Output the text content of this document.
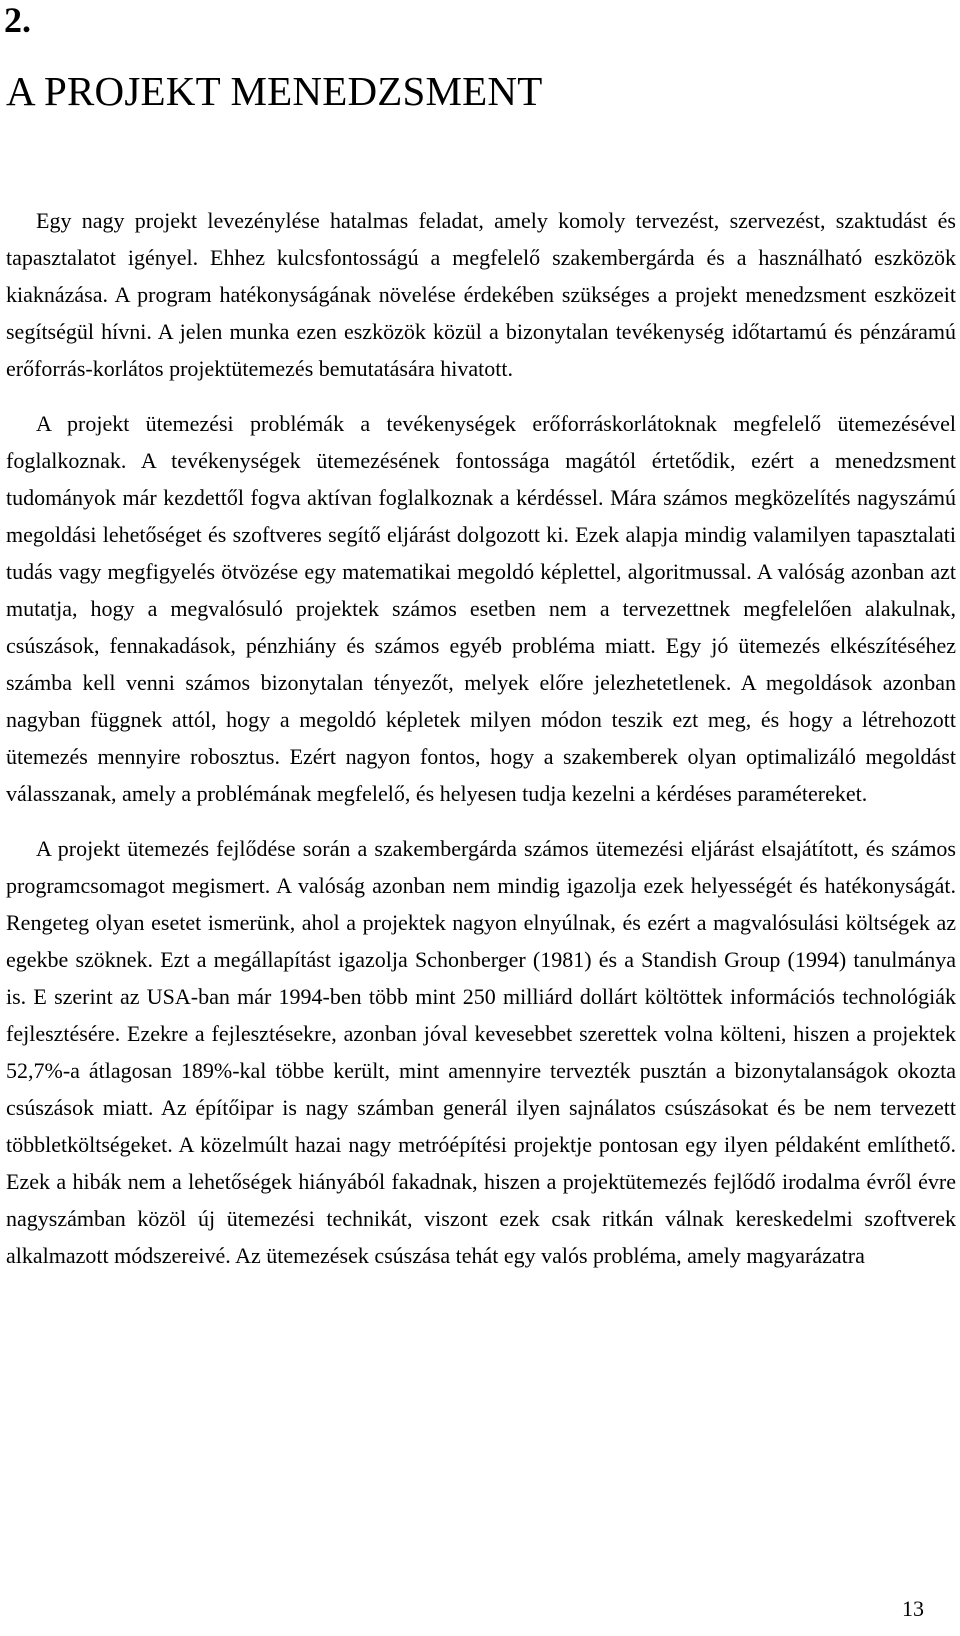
2.
A PROJEKT MENEDZSMENT

Egy nagy projekt levezénylése hatalmas feladat, amely komoly tervezést, szervezést, szaktudást és tapasztalatot igényel. Ehhez kulcsfontosságú a megfelelő szakembergárda és a használható eszközök kiaknázása. A program hatékonyságának növelése érdekében szükséges a projekt menedzsment eszközeit segítségül hívni. A jelen munka ezen eszközök közül a bizonytalan tevékenység időtartamú és pénzáramú erőforrás-korlátos projektütemezés bemutatására hivatott.

A projekt ütemezési problémák a tevékenységek erőforráskorlátoknak megfelelő ütemezésével foglalkoznak. A tevékenységek ütemezésének fontossága magától értetődik, ezért a menedzsment tudományok már kezdettől fogva aktívan foglalkoznak a kérdéssel. Mára számos megközelítés nagyszámú megoldási lehetőséget és szoftveres segítő eljárást dolgozott ki. Ezek alapja mindig valamilyen tapasztalati tudás vagy megfigyelés ötvözése egy matematikai megoldó képlettel, algoritmussal. A valóság azonban azt mutatja, hogy a megvalósuló projektek számos esetben nem a tervezettnek megfelelően alakulnak, csúszások, fennakadások, pénzhiány és számos egyéb probléma miatt. Egy jó ütemezés elkészítéséhez számba kell venni számos bizonytalan tényezőt, melyek előre jelezhetetlenek. A megoldások azonban nagyban függnek attól, hogy a megoldó képletek milyen módon teszik ezt meg, és hogy a létrehozott ütemezés mennyire robosztus. Ezért nagyon fontos, hogy a szakemberek olyan optimalizáló megoldást válasszanak, amely a problémának megfelelő, és helyesen tudja kezelni a kérdéses paramétereket.

A projekt ütemezés fejlődése során a szakembergárda számos ütemezési eljárást elsajátított, és számos programcsomagot megismert. A valóság azonban nem mindig igazolja ezek helyességét és hatékonyságát. Rengeteg olyan esetet ismerünk, ahol a projektek nagyon elnyúlnak, és ezért a magvalósulási költségek az egekbe szöknek. Ezt a megállapítást igazolja Schonberger (1981) és a Standish Group (1994) tanulmánya is. E szerint az USA-ban már 1994-ben több mint 250 milliárd dollárt költöttek információs technológiák fejlesztésére. Ezekre a fejlesztésekre, azonban jóval kevesebbet szerettek volna költeni, hiszen a projektek 52,7%-a átlagosan 189%-kal többe került, mint amennyire tervezték pusztán a bizonytalanságok okozta csúszások miatt. Az építőipar is nagy számban generál ilyen sajnálatos csúszásokat és be nem tervezett többletköltségeket. A közelmúlt hazai nagy metróépítési projektje pontosan egy ilyen példaként említhető. Ezek a hibák nem a lehetőségek hiányából fakadnak, hiszen a projektütemezés fejlődő irodalma évről évre nagyszámban közöl új ütemezési technikát, viszont ezek csak ritkán válnak kereskedelmi szoftverek alkalmazott módszereivé. Az ütemezések csúszása tehát egy valós probléma, amely magyarázatra

13
